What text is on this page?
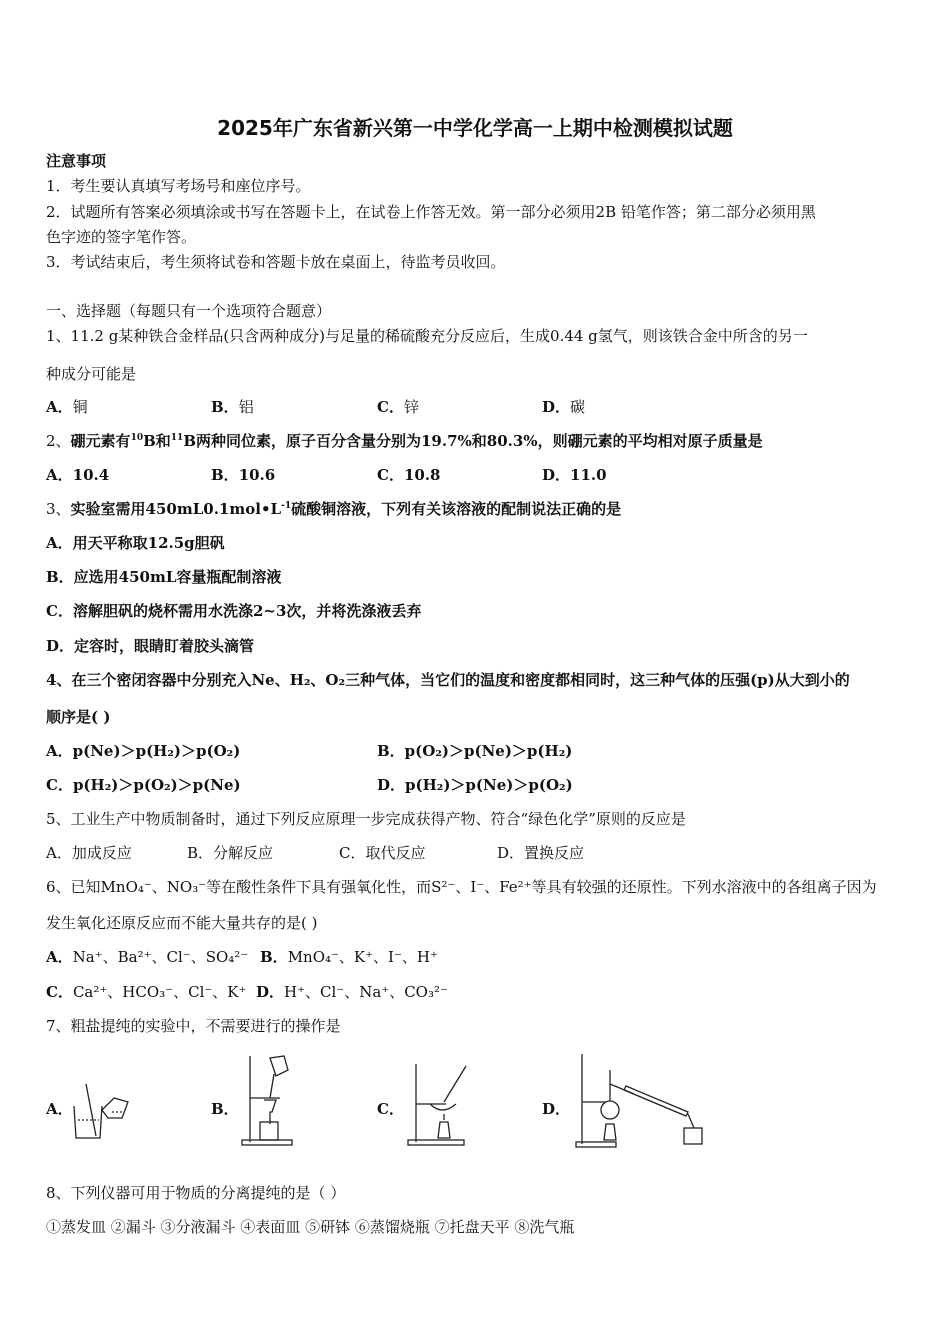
2025年广东省新兴第一中学化学高一上期中检测模拟试题
注意事项
1．考生要认真填写考场号和座位序号。
2．试题所有答案必须填涂或书写在答题卡上，在试卷上作答无效。第一部分必须用2B 铅笔作答；第二部分必须用黑
色字迹的签字笔作答。
3．考试结束后，考生须将试卷和答题卡放在桌面上，待监考员收回。
一、选择题（每题只有一个选项符合题意）
1、11.2 g某种铁合金样品(只含两种成分)与足量的稀硫酸充分反应后，生成0.44 g氢气，则该铁合金中所含的另一
种成分可能是
A．铜	B．铝	C．锌	D．碳
2、硼元素有$^{10}$B和$^{11}$B两种同位素，原子百分含量分别为19.7%和80.3%，则硼元素的平均相对原子质量是
A．10.4	B．10.6	C．10.8	D．11.0
3、实验室需用$450mL0.1mol•L^{-1}$硫酸铜溶液，下列有关该溶液的配制说法正确的是
A．用天平称取12.5g胆矾
B．应选用450mL容量瓶配制溶液
C．溶解胆矾的烧杯需用水洗涤2~3次，并将洗涤液丢弃
D．定容时，眼睛盯着胶头滴管
4、在三个密闭容器中分别充入Ne、H₂、O₂三种气体，当它们的温度和密度都相同时，这三种气体的压强(p)从大到小的
顺序是( )
A．p(Ne)＞p(H₂)＞p(O₂)	B．p(O₂)＞p(Ne)＞p(H₂)
C．p(H₂)＞p(O₂)＞p(Ne)	D．p(H₂)＞p(Ne)＞p(O₂)
5、工业生产中物质制备时，通过下列反应原理一步完成获得产物、符合“绿色化学”原则的反应是
A．加成反应	B．分解反应	C．取代反应	D．置换反应
6、已知MnO₄⁻、NO₃⁻等在酸性条件下具有强氧化性，而S²⁻、I⁻、Fe²⁺等具有较强的还原性。下列水溶液中的各组离子因为
发生氧化还原反应而不能大量共存的是( )
A．Na⁺、Ba²⁺、Cl⁻、SO₄²⁻ B．MnO₄⁻、K⁺、I⁻、H⁺
C．Ca²⁺、HCO₃⁻、Cl⁻、K⁺ D．H⁺、Cl⁻、Na⁺、CO₃²⁻
7、粗盐提纯的实验中，不需要进行的操作是
A．	B．	C．	D．
8、下列仪器可用于物质的分离提纯的是（ ）
①蒸发皿 ②漏斗 ③分液漏斗 ④表面皿 ⑤研钵 ⑥蒸馏烧瓶 ⑦托盘天平 ⑧洗气瓶
